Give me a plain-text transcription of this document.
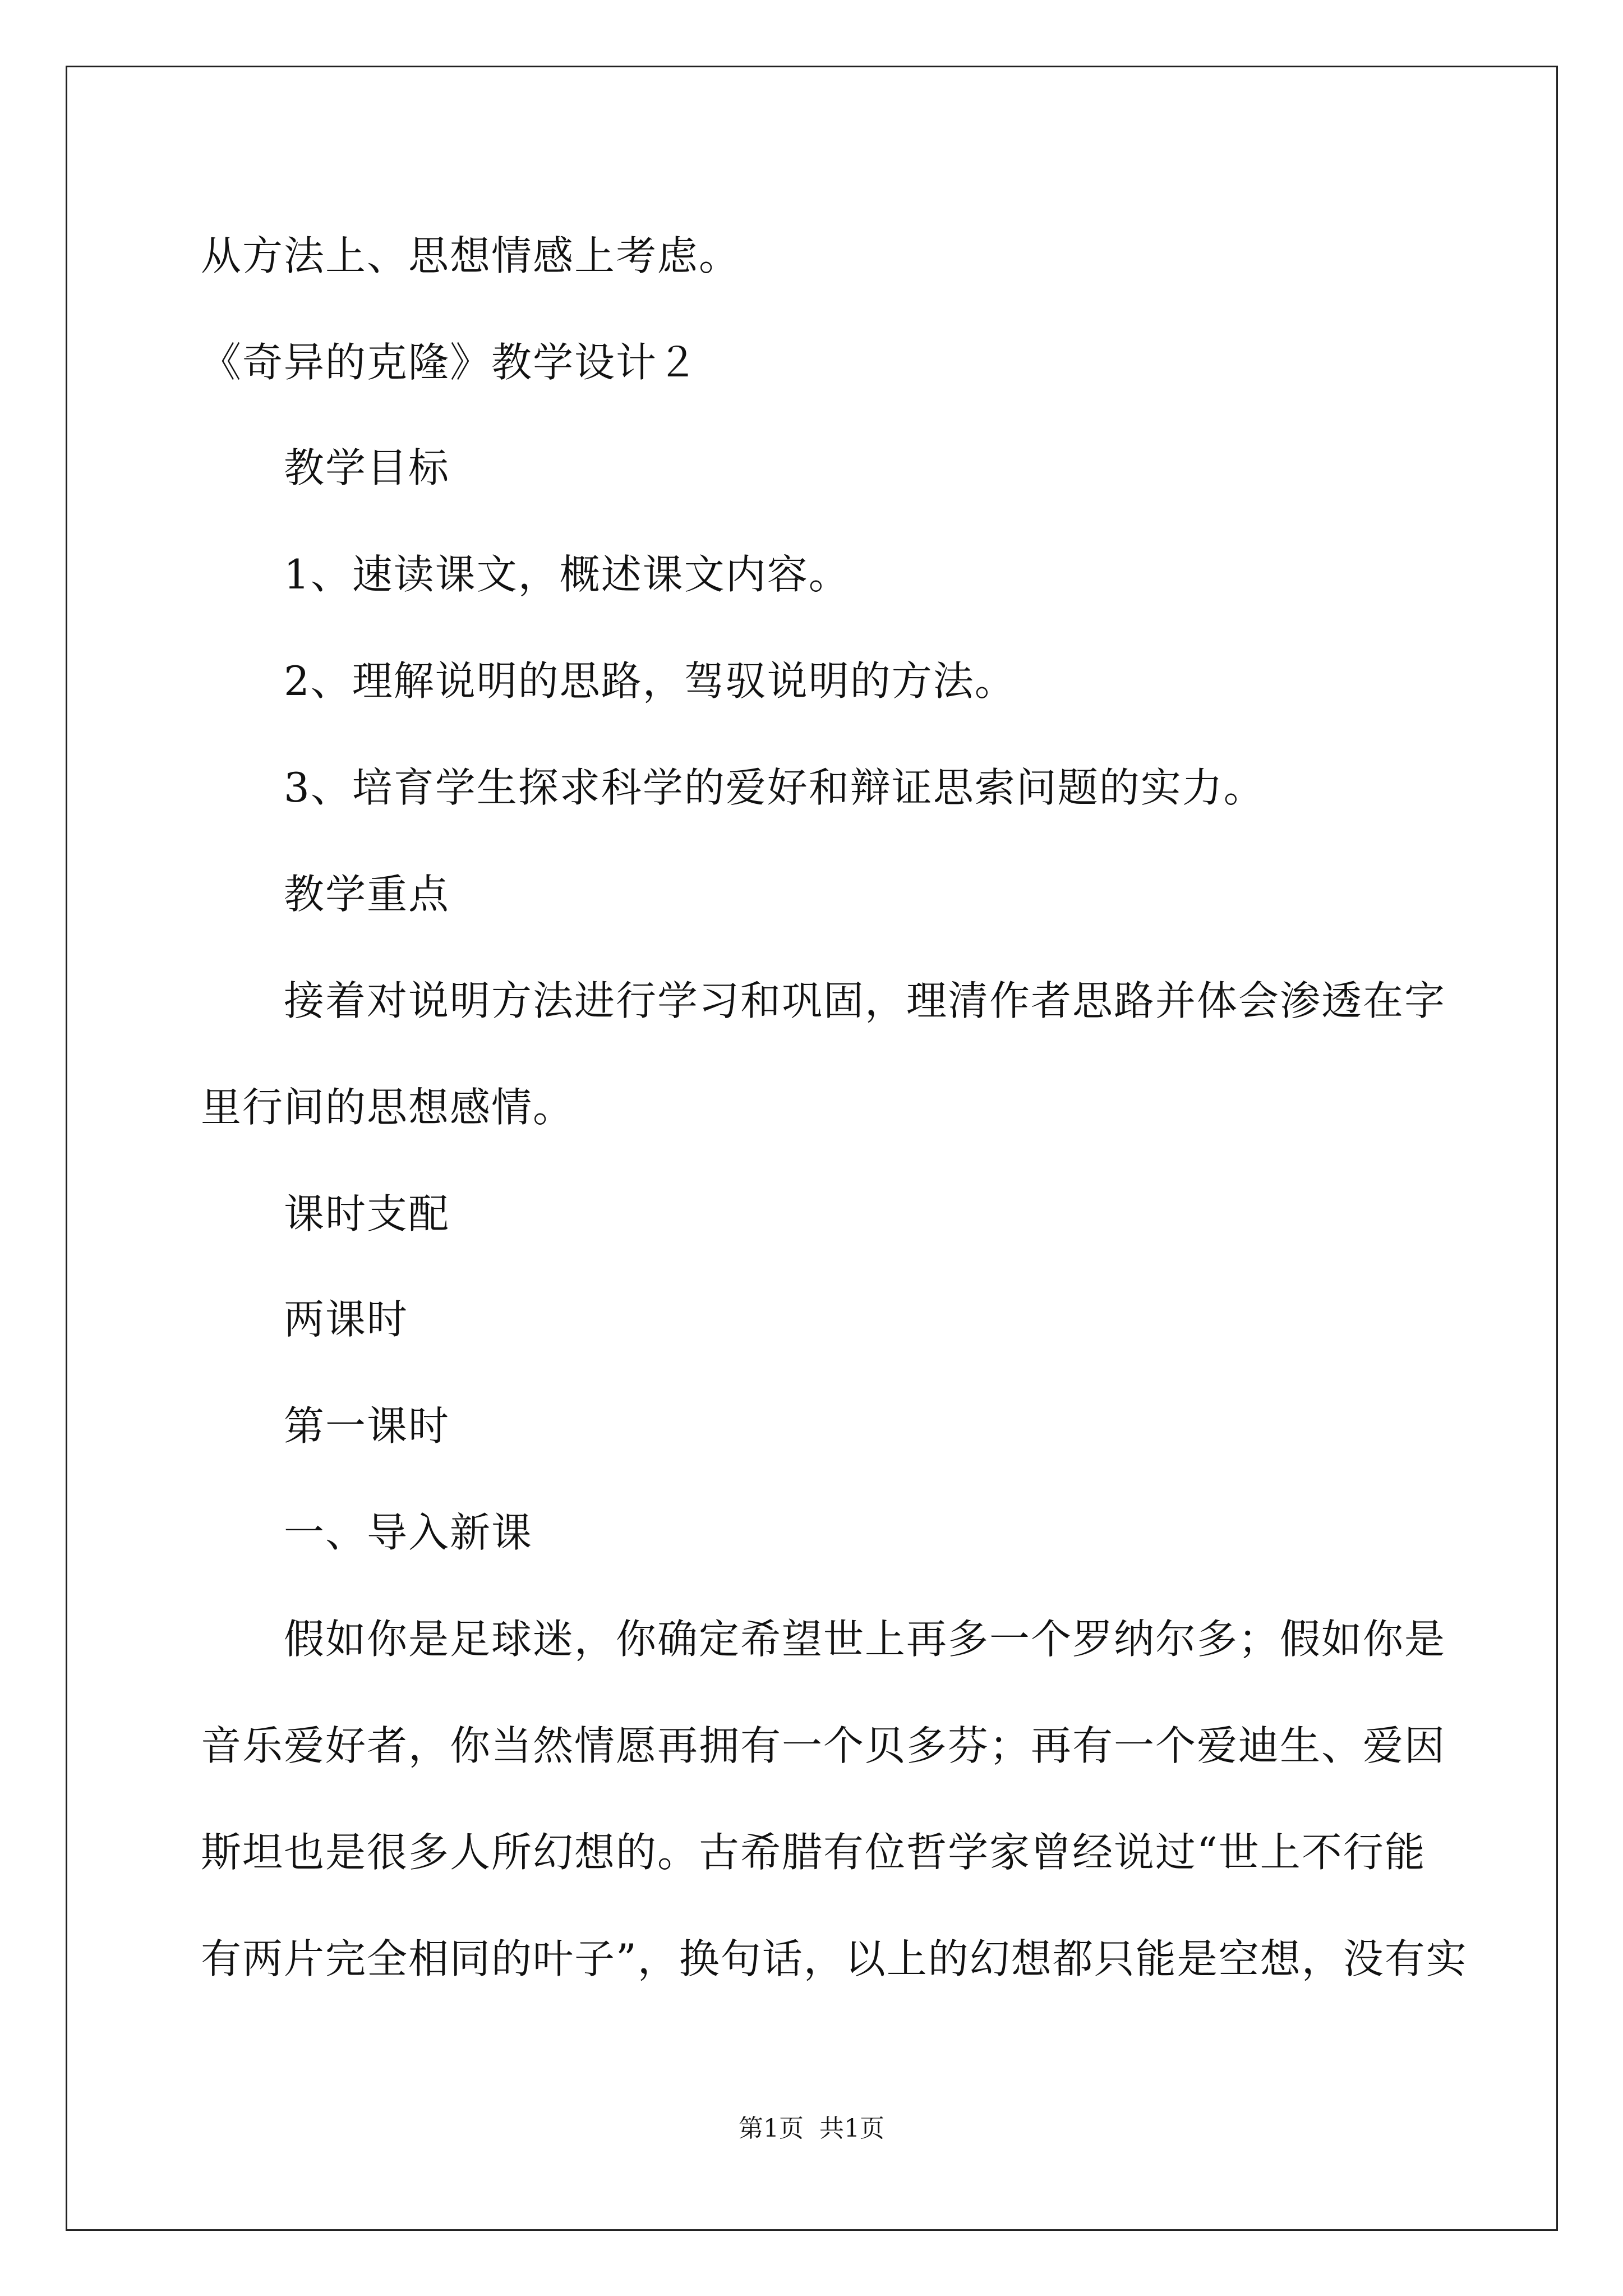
从方法上、思想情感上考虑。
《奇异的克隆》教学设计２
教学目标
1、速读课文，概述课文内容。
2、理解说明的思路，驾驭说明的方法。
3、培育学生探求科学的爱好和辩证思索问题的实力。
教学重点
接着对说明方法进行学习和巩固，理清作者思路并体会渗透在字
里行间的思想感情。
课时支配
两课时
第一课时
一、导入新课
假如你是足球迷，你确定希望世上再多一个罗纳尔多；假如你是
音乐爱好者，你当然情愿再拥有一个贝多芬；再有一个爱迪生、爱因
斯坦也是很多人所幻想的。古希腊有位哲学家曾经说过“世上不行能
有两片完全相同的叶子”，换句话，以上的幻想都只能是空想，没有实
第1页 共1页
